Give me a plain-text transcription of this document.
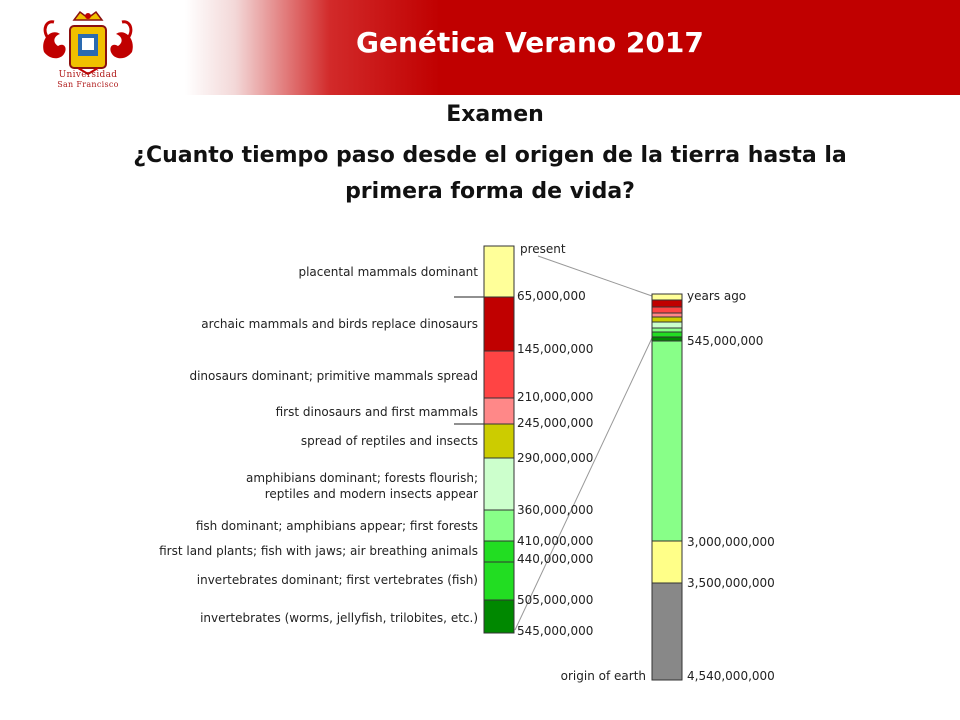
Genética Verano 2017
Universidad
San Francisco
Examen
¿Cuanto tiempo paso desde el origen de la tierra hasta la primera forma de vida?
placental mammals dominant
archaic mammals and birds replace dinosaurs
dinosaurs dominant; primitive mammals spread
first dinosaurs and first mammals
spread of reptiles and insects
amphibians dominant; forests flourish;
reptiles and modern insects appear
fish dominant; amphibians appear; first forests
first land plants; fish with jaws; air breathing animals
invertebrates dominant; first vertebrates (fish)
invertebrates (worms, jellyfish, trilobites, etc.)
present
65,000,000
145,000,000
210,000,000
245,000,000
290,000,000
360,000,000
410,000,000
440,000,000
505,000,000
545,000,000
years ago
545,000,000
3,000,000,000
3,500,000,000
4,540,000,000
origin of earth
